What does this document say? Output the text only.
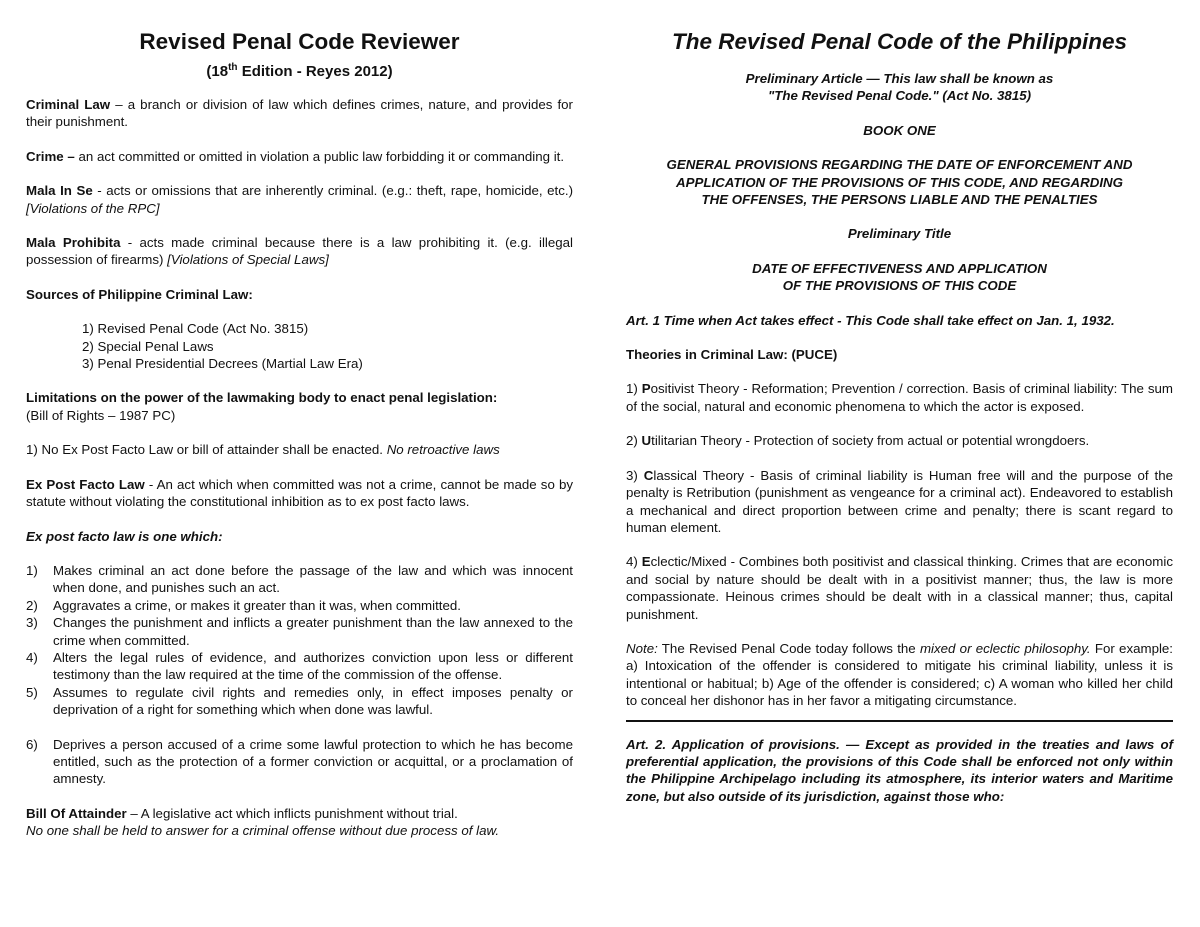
Revised Penal Code Reviewer
(18th Edition - Reyes 2012)

Criminal Law – a branch or division of law which defines crimes, nature, and provides for their punishment.

Crime – an act committed or omitted in violation a public law forbidding it or commanding it.

Mala In Se - acts or omissions that are inherently criminal. (e.g.: theft, rape, homicide, etc.) [Violations of the RPC]

Mala Prohibita - acts made criminal because there is a law prohibiting it. (e.g. illegal possession of firearms) [Violations of Special Laws]

Sources of Philippine Criminal Law:

1) Revised Penal Code (Act No. 3815)

2) Special Penal Laws

3) Penal Presidential Decrees (Martial Law Era)

Limitations on the power of the lawmaking body to enact penal legislation:

(Bill of Rights – 1987 PC)

1) No Ex Post Facto Law or bill of attainder shall be enacted. No retroactive laws

Ex Post Facto Law - An act which when committed was not a crime, cannot be made so by statute without violating the constitutional inhibition as to ex post facto laws.

Ex post facto law is one which:

1)	Makes criminal an act done before the passage of the law and which was innocent when done, and punishes such an act.
2)	Aggravates a crime, or makes it greater than it was, when committed.
3)	Changes the punishment and inflicts a greater punishment than the law annexed to the crime when committed.
4)	Alters the legal rules of evidence, and authorizes conviction upon less or different testimony than the law required at the time of the commission of the offense.
5)	Assumes to regulate civil rights and remedies only, in effect imposes penalty or deprivation of a right for something which when done was lawful.
6)	Deprives a person accused of a crime some lawful protection to which he has become entitled, such as the protection of a former conviction or acquittal, or a proclamation of amnesty.

Bill Of Attainder – A legislative act which inflicts punishment without trial.

No one shall be held to answer for a criminal offense without due process of law.

The Revised Penal Code of the Philippines

Preliminary Article — This law shall be known as

"The Revised Penal Code." (Act No. 3815)

BOOK ONE

GENERAL PROVISIONS REGARDING THE DATE OF ENFORCEMENT AND

APPLICATION OF THE PROVISIONS OF THIS CODE, AND REGARDING

THE OFFENSES, THE PERSONS LIABLE AND THE PENALTIES

Preliminary Title

DATE OF EFFECTIVENESS AND APPLICATION

OF THE PROVISIONS OF THIS CODE

Art. 1 Time when Act takes effect - This Code shall take effect on Jan. 1, 1932.

Theories in Criminal Law: (PUCE)

1) Positivist Theory - Reformation; Prevention / correction. Basis of criminal liability: The sum of the social, natural and economic phenomena to which the actor is exposed.

2) Utilitarian Theory - Protection of society from actual or potential wrongdoers.

3) Classical Theory - Basis of criminal liability is Human free will and the purpose of the penalty is Retribution (punishment as vengeance for a criminal act). Endeavored to establish a mechanical and direct proportion between crime and penalty; there is scant regard to human element.

4) Eclectic/Mixed - Combines both positivist and classical thinking. Crimes that are economic and social by nature should be dealt with in a positivist manner; thus, the law is more compassionate. Heinous crimes should be dealt with in a classical manner; thus, capital punishment.

Note: The Revised Penal Code today follows the mixed or eclectic philosophy. For example: a) Intoxication of the offender is considered to mitigate his criminal liability, unless it is intentional or habitual; b) Age of the offender is considered; c) A woman who killed her child to conceal her dishonor has in her favor a mitigating circumstance.

Art. 2. Application of provisions. — Except as provided in the treaties and laws of preferential application, the provisions of this Code shall be enforced not only within the Philippine Archipelago including its atmosphere, its interior waters and Maritime zone, but also outside of its jurisdiction, against those who:
